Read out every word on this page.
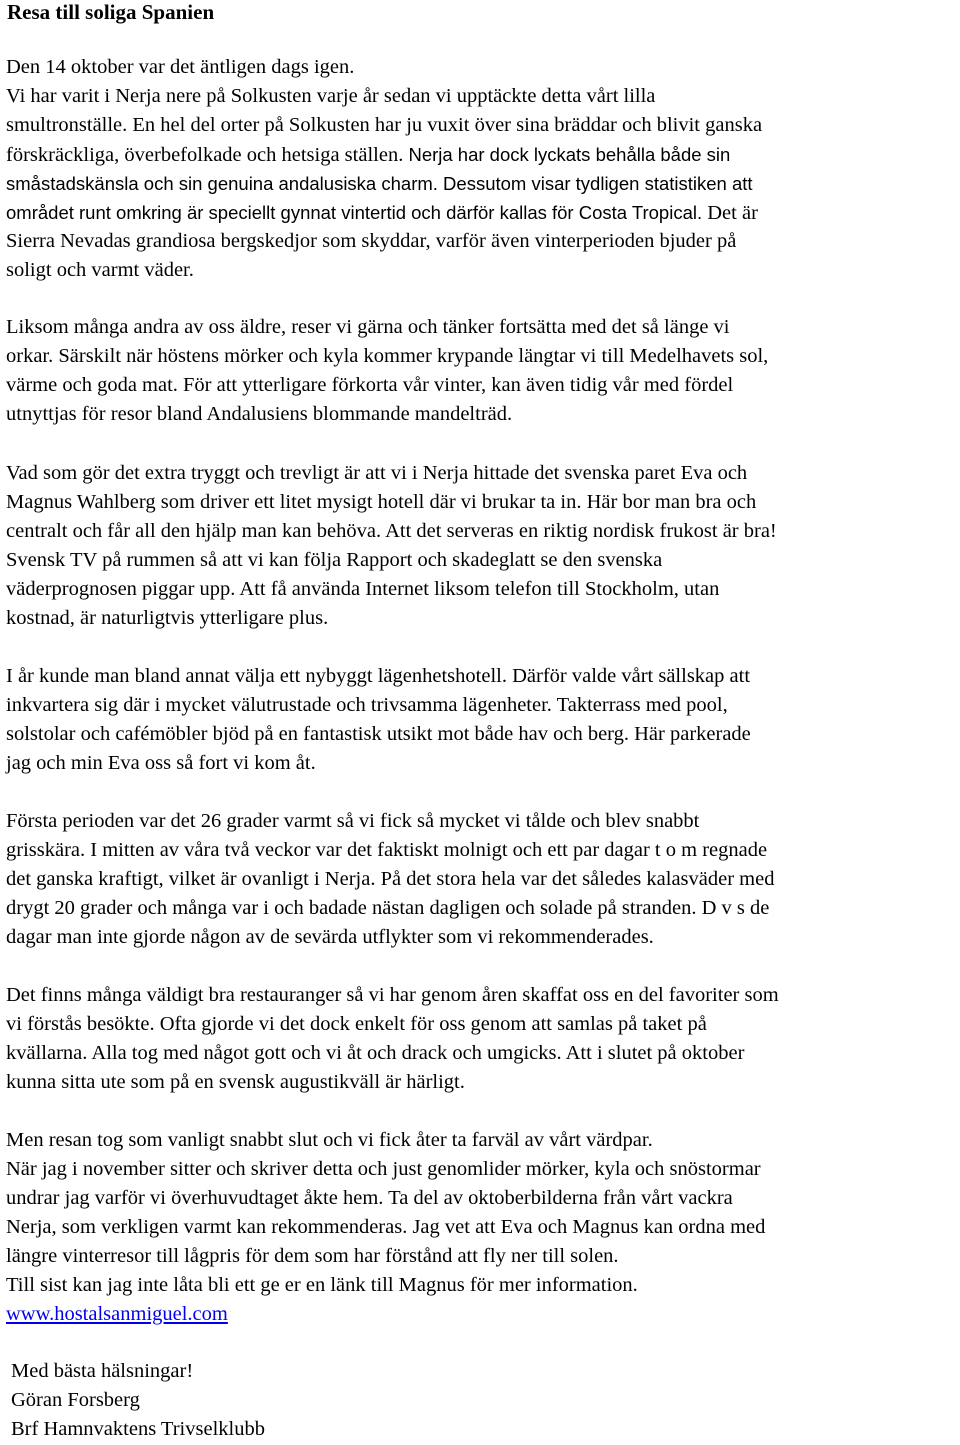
Resa till soliga Spanien
Den 14 oktober var det äntligen dags igen.
Vi har varit i Nerja nere på Solkusten varje år sedan vi upptäckte detta vårt lilla
smultronställe. En hel del orter på Solkusten har ju vuxit över sina bräddar och blivit ganska
förskräckliga, överbefolkade och hetsiga ställen. Nerja har dock lyckats behålla både sin
småstadskänsla och sin genuina andalusiska charm. Dessutom visar tydligen statistiken att
området runt omkring är speciellt gynnat vintertid och därför kallas för Costa Tropical. Det är
Sierra Nevadas grandiosa bergskedjor som skyddar, varför även vinterperioden bjuder på
soligt och varmt väder.
Liksom många andra av oss äldre, reser vi gärna och tänker fortsätta med det så länge vi
orkar. Särskilt när höstens mörker och kyla kommer krypande längtar vi till Medelhavets sol,
värme och goda mat. För att ytterligare förkorta vår vinter, kan även tidig vår med fördel
utnyttjas för resor bland Andalusiens blommande mandelträd.
Vad som gör det extra tryggt och trevligt är att vi i Nerja hittade det svenska paret Eva och
Magnus Wahlberg som driver ett litet mysigt hotell där vi brukar ta in. Här bor man bra och
centralt och får all den hjälp man kan behöva. Att det serveras en riktig nordisk frukost är bra!
Svensk TV på rummen så att vi kan följa Rapport och skadeglatt se den svenska
väderprognosen piggar upp. Att få använda Internet liksom telefon till Stockholm, utan
kostnad, är naturligtvis ytterligare plus.
I år kunde man bland annat välja ett nybyggt lägenhetshotell. Därför valde vårt sällskap att
inkvartera sig där i mycket välutrustade och trivsamma lägenheter. Takterrass med pool,
solstolar och cafémöbler bjöd på en fantastisk utsikt mot både hav och berg. Här parkerade
jag och min Eva oss så fort vi kom åt.
Första perioden var det 26 grader varmt så vi fick så mycket vi tålde och blev snabbt
grisskära. I mitten av våra två veckor var det faktiskt molnigt och ett par dagar t o m regnade
det ganska kraftigt, vilket är ovanligt i Nerja. På det stora hela var det således kalasväder med
drygt 20 grader och många var i och badade nästan dagligen och solade på stranden. D v s de
dagar man inte gjorde någon av de sevärda utflykter som vi rekommenderades.
Det finns många väldigt bra restauranger så vi har genom åren skaffat oss en del favoriter som
vi förstås besökte. Ofta gjorde vi det dock enkelt för oss genom att samlas på taket på
kvällarna. Alla tog med något gott och vi åt och drack och umgicks. Att i slutet på oktober
kunna sitta ute som på en svensk augustikväll är härligt.
Men resan tog som vanligt snabbt slut och vi fick åter ta farväl av vårt värdpar.
När jag i november sitter och skriver detta och just genomlider mörker, kyla och snöstormar
undrar jag varför vi överhuvudtaget åkte hem. Ta del av oktoberbilderna från vårt vackra
Nerja, som verkligen varmt kan rekommenderas. Jag vet att Eva och Magnus kan ordna med
längre vinterresor till lågpris för dem som har förstånd att fly ner till solen.
Till sist kan jag inte låta bli ett ge er en länk till Magnus för mer information.
www.hostalsanmiguel.com
Med bästa hälsningar!
Göran Forsberg
Brf Hamnvaktens Trivselklubb
